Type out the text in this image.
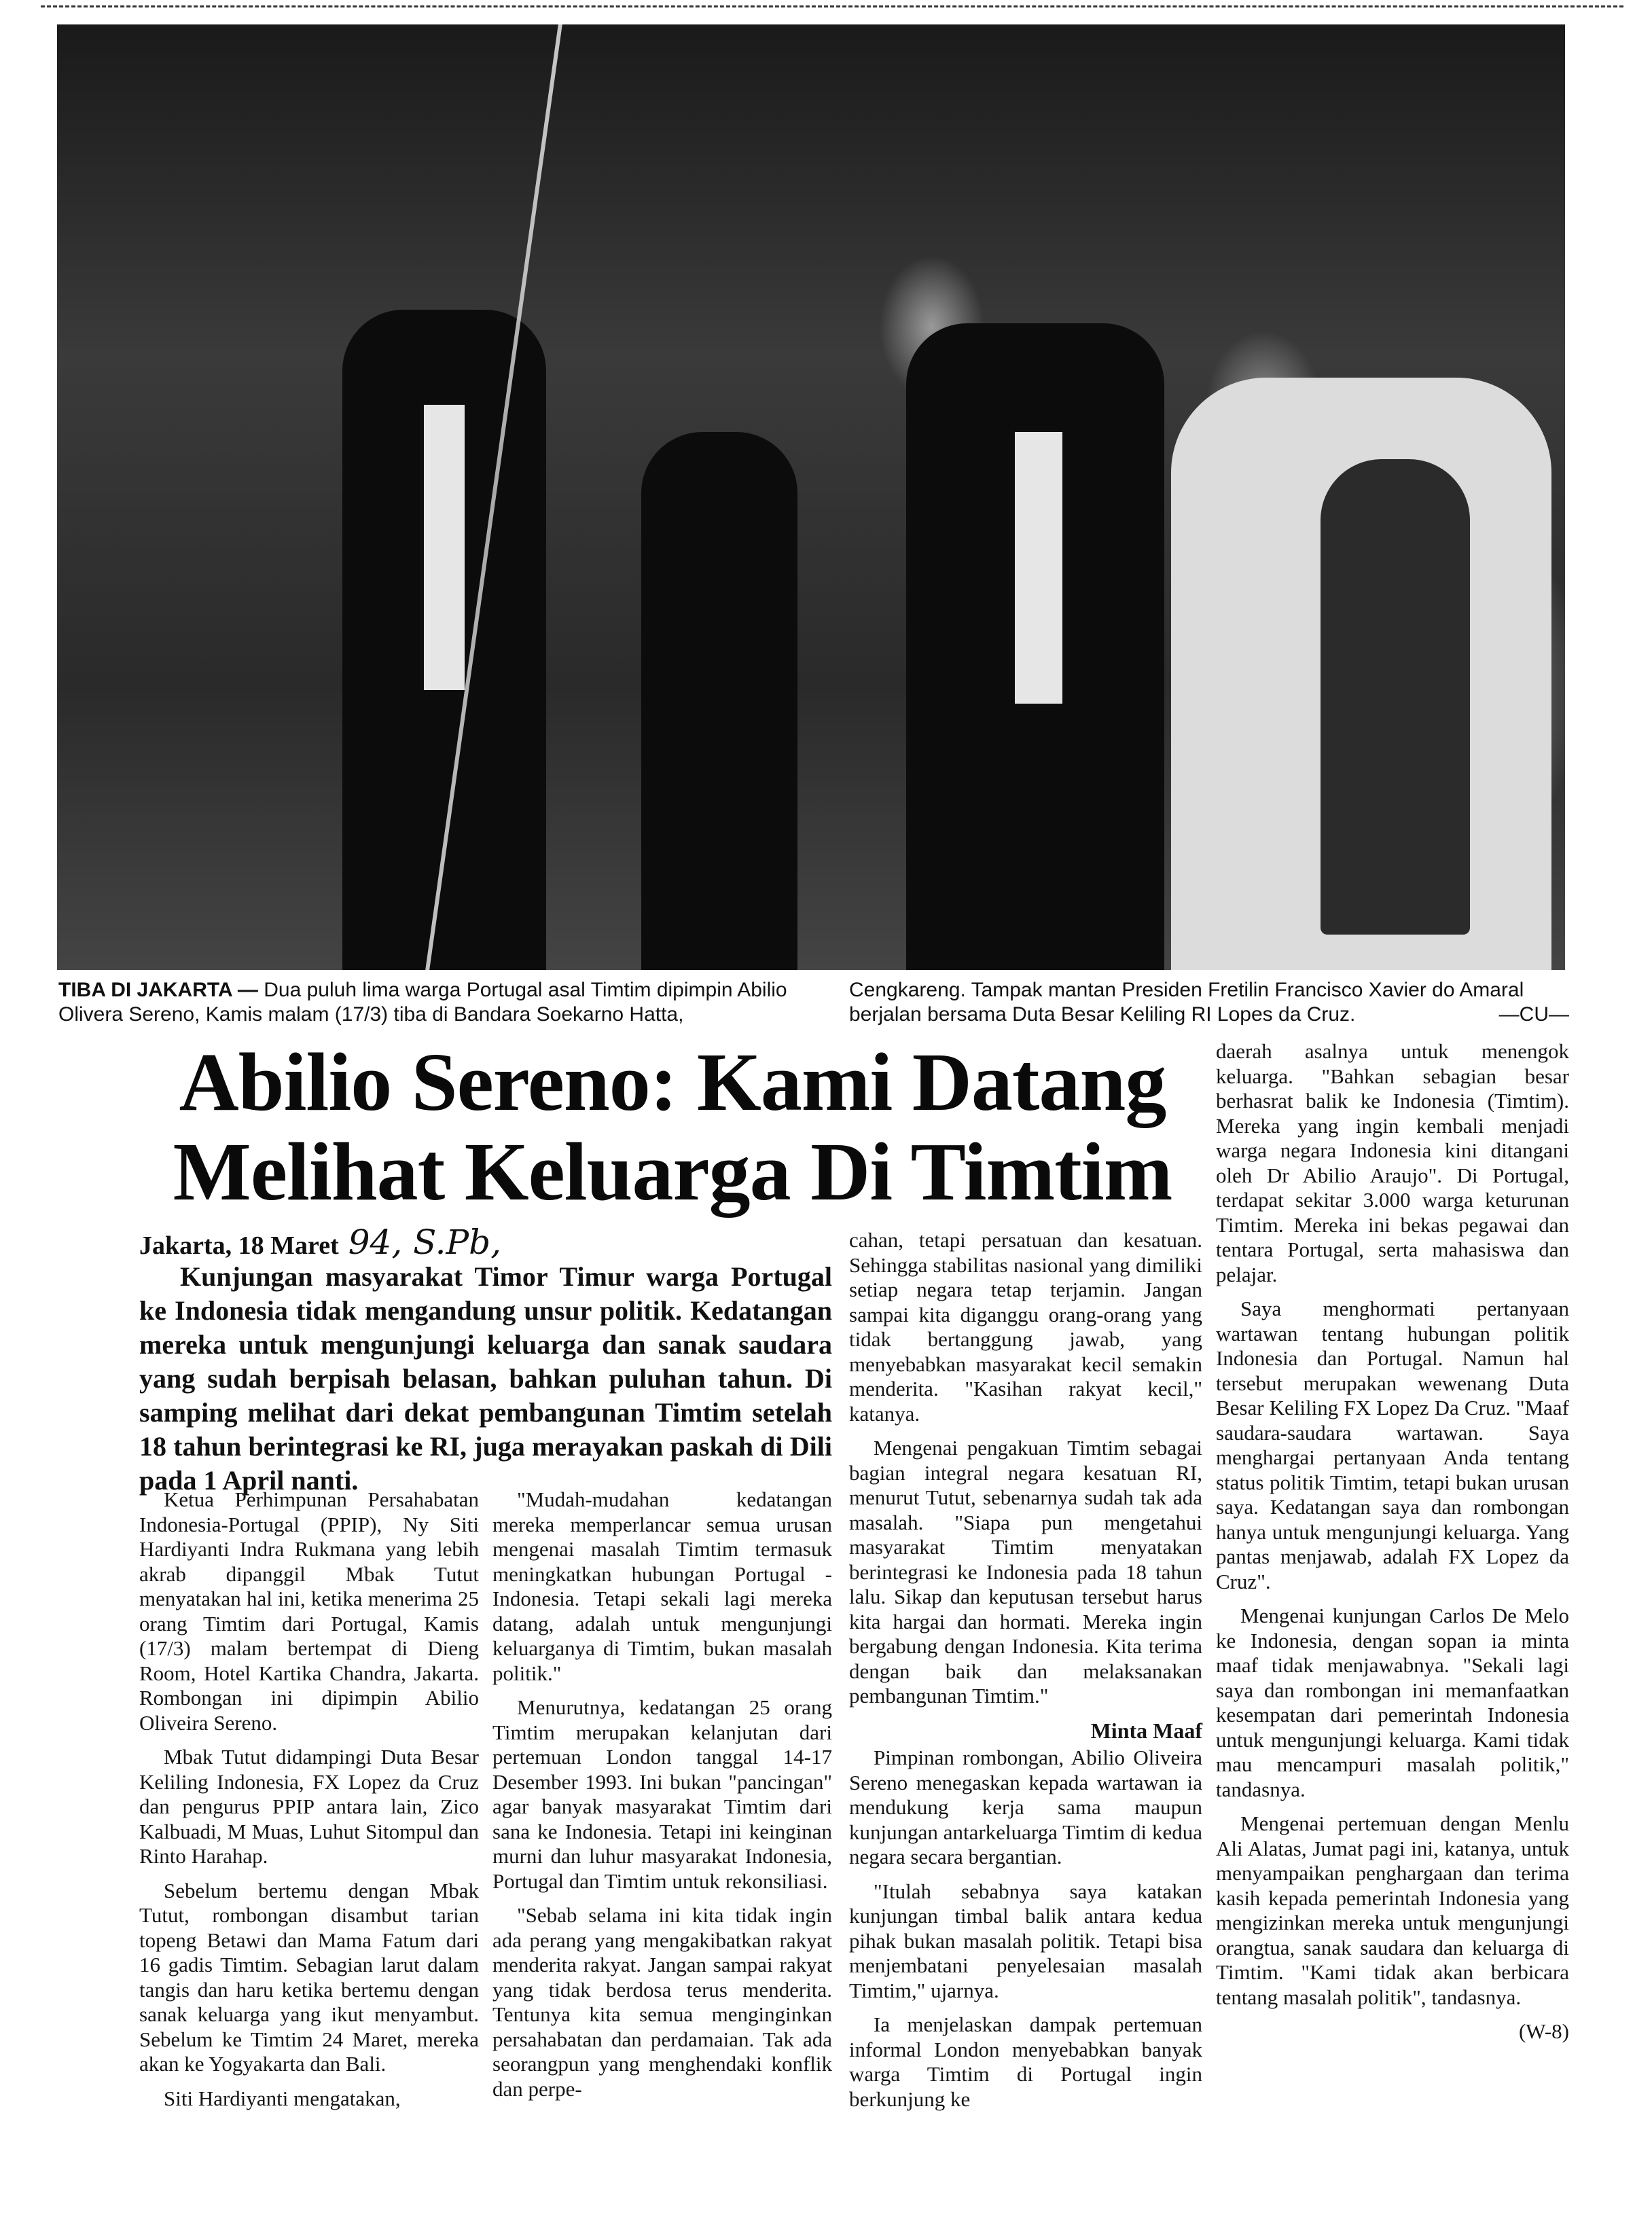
TIBA DI JAKARTA — Dua puluh lima warga Portugal asal Timtim dipimpin Abilio Olivera Sereno, Kamis malam (17/3) tiba di Bandara Soekarno Hatta,
Cengkareng. Tampak mantan Presiden Fretilin Francisco Xavier do Amaral berjalan bersama Duta Besar Keliling RI Lopes da Cruz.	—CU—
Abilio Sereno: Kami Datang
Melihat Keluarga Di Timtim
Jakarta, 18 Maret 94, S.Pb,
Kunjungan masyarakat Timor Timur warga Portugal ke Indonesia tidak mengandung unsur politik. Kedatangan mereka untuk mengunjungi keluarga dan sanak saudara yang sudah berpisah belasan, bahkan puluhan tahun. Di samping melihat dari dekat pembangunan Timtim setelah 18 tahun berintegrasi ke RI, juga merayakan paskah di Dili pada 1 April nanti.

Ketua Perhimpunan Persahabatan Indonesia-Portugal (PPIP), Ny Siti Hardiyanti Indra Rukmana yang lebih akrab dipanggil Mbak Tutut menyatakan hal ini, ketika menerima 25 orang Timtim dari Portugal, Kamis (17/3) malam bertempat di Dieng Room, Hotel Kartika Chandra, Jakarta. Rombongan ini dipimpin Abilio Oliveira Sereno.

Mbak Tutut didampingi Duta Besar Keliling Indonesia, FX Lopez da Cruz dan pengurus PPIP antara lain, Zico Kalbuadi, M Muas, Luhut Sitompul dan Rinto Harahap.

Sebelum bertemu dengan Mbak Tutut, rombongan disambut tarian topeng Betawi dan Mama Fatum dari 16 gadis Timtim. Sebagian larut dalam tangis dan haru ketika bertemu dengan sanak keluarga yang ikut menyambut. Sebelum ke Timtim 24 Maret, mereka akan ke Yogyakarta dan Bali.

Siti Hardiyanti mengatakan,

"Mudah-mudahan kedatangan mereka memperlancar semua urusan mengenai masalah Timtim termasuk meningkatkan hubungan Portugal - Indonesia. Tetapi sekali lagi mereka datang, adalah untuk mengunjungi keluarganya di Timtim, bukan masalah politik."

Menurutnya, kedatangan 25 orang Timtim merupakan kelanjutan dari pertemuan London tanggal 14-17 Desember 1993. Ini bukan "pancingan" agar banyak masyarakat Timtim dari sana ke Indonesia. Tetapi ini keinginan murni dan luhur masyarakat Indonesia, Portugal dan Timtim untuk rekonsiliasi.

"Sebab selama ini kita tidak ingin ada perang yang mengakibatkan rakyat menderita rakyat. Jangan sampai rakyat yang tidak berdosa terus menderita. Tentunya kita semua menginginkan persahabatan dan perdamaian. Tak ada seorangpun yang menghendaki konflik dan perpe-

cahan, tetapi persatuan dan kesatuan. Sehingga stabilitas nasional yang dimiliki setiap negara tetap terjamin. Jangan sampai kita diganggu orang-orang yang tidak bertanggung jawab, yang menyebabkan masyarakat kecil semakin menderita. "Kasihan rakyat kecil," katanya.

Mengenai pengakuan Timtim sebagai bagian integral negara kesatuan RI, menurut Tutut, sebenarnya sudah tak ada masalah. "Siapa pun mengetahui masyarakat Timtim menyatakan berintegrasi ke Indonesia pada 18 tahun lalu. Sikap dan keputusan tersebut harus kita hargai dan hormati. Mereka ingin bergabung dengan Indonesia. Kita terima dengan baik dan melaksanakan pembangunan Timtim."

Minta Maaf

Pimpinan rombongan, Abilio Oliveira Sereno menegaskan kepada wartawan ia mendukung kerja sama maupun kunjungan antarkeluarga Timtim di kedua negara secara bergantian.

"Itulah sebabnya saya katakan kunjungan timbal balik antara kedua pihak bukan masalah politik. Tetapi bisa menjembatani penyelesaian masalah Timtim," ujarnya.

Ia menjelaskan dampak pertemuan informal London menyebabkan banyak warga Timtim di Portugal ingin berkunjung ke

daerah asalnya untuk menengok keluarga. "Bahkan sebagian besar berhasrat balik ke Indonesia (Timtim). Mereka yang ingin kembali menjadi warga negara Indonesia kini ditangani oleh Dr Abilio Araujo". Di Portugal, terdapat sekitar 3.000 warga keturunan Timtim. Mereka ini bekas pegawai dan tentara Portugal, serta mahasiswa dan pelajar.

Saya menghormati pertanyaan wartawan tentang hubungan politik Indonesia dan Portugal. Namun hal tersebut merupakan wewenang Duta Besar Keliling FX Lopez Da Cruz. "Maaf saudara-saudara wartawan. Saya menghargai pertanyaan Anda tentang status politik Timtim, tetapi bukan urusan saya. Kedatangan saya dan rombongan hanya untuk mengunjungi keluarga. Yang pantas menjawab, adalah FX Lopez da Cruz".

Mengenai kunjungan Carlos De Melo ke Indonesia, dengan sopan ia minta maaf tidak menjawabnya. "Sekali lagi saya dan rombongan ini memanfaatkan kesempatan dari pemerintah Indonesia untuk mengunjungi keluarga. Kami tidak mau mencampuri masalah politik," tandasnya.

Mengenai pertemuan dengan Menlu Ali Alatas, Jumat pagi ini, katanya, untuk menyampaikan penghargaan dan terima kasih kepada pemerintah Indonesia yang mengizinkan mereka untuk mengunjungi orangtua, sanak saudara dan keluarga di Timtim. "Kami tidak akan berbicara tentang masalah politik", tandasnya.

(W-8)
